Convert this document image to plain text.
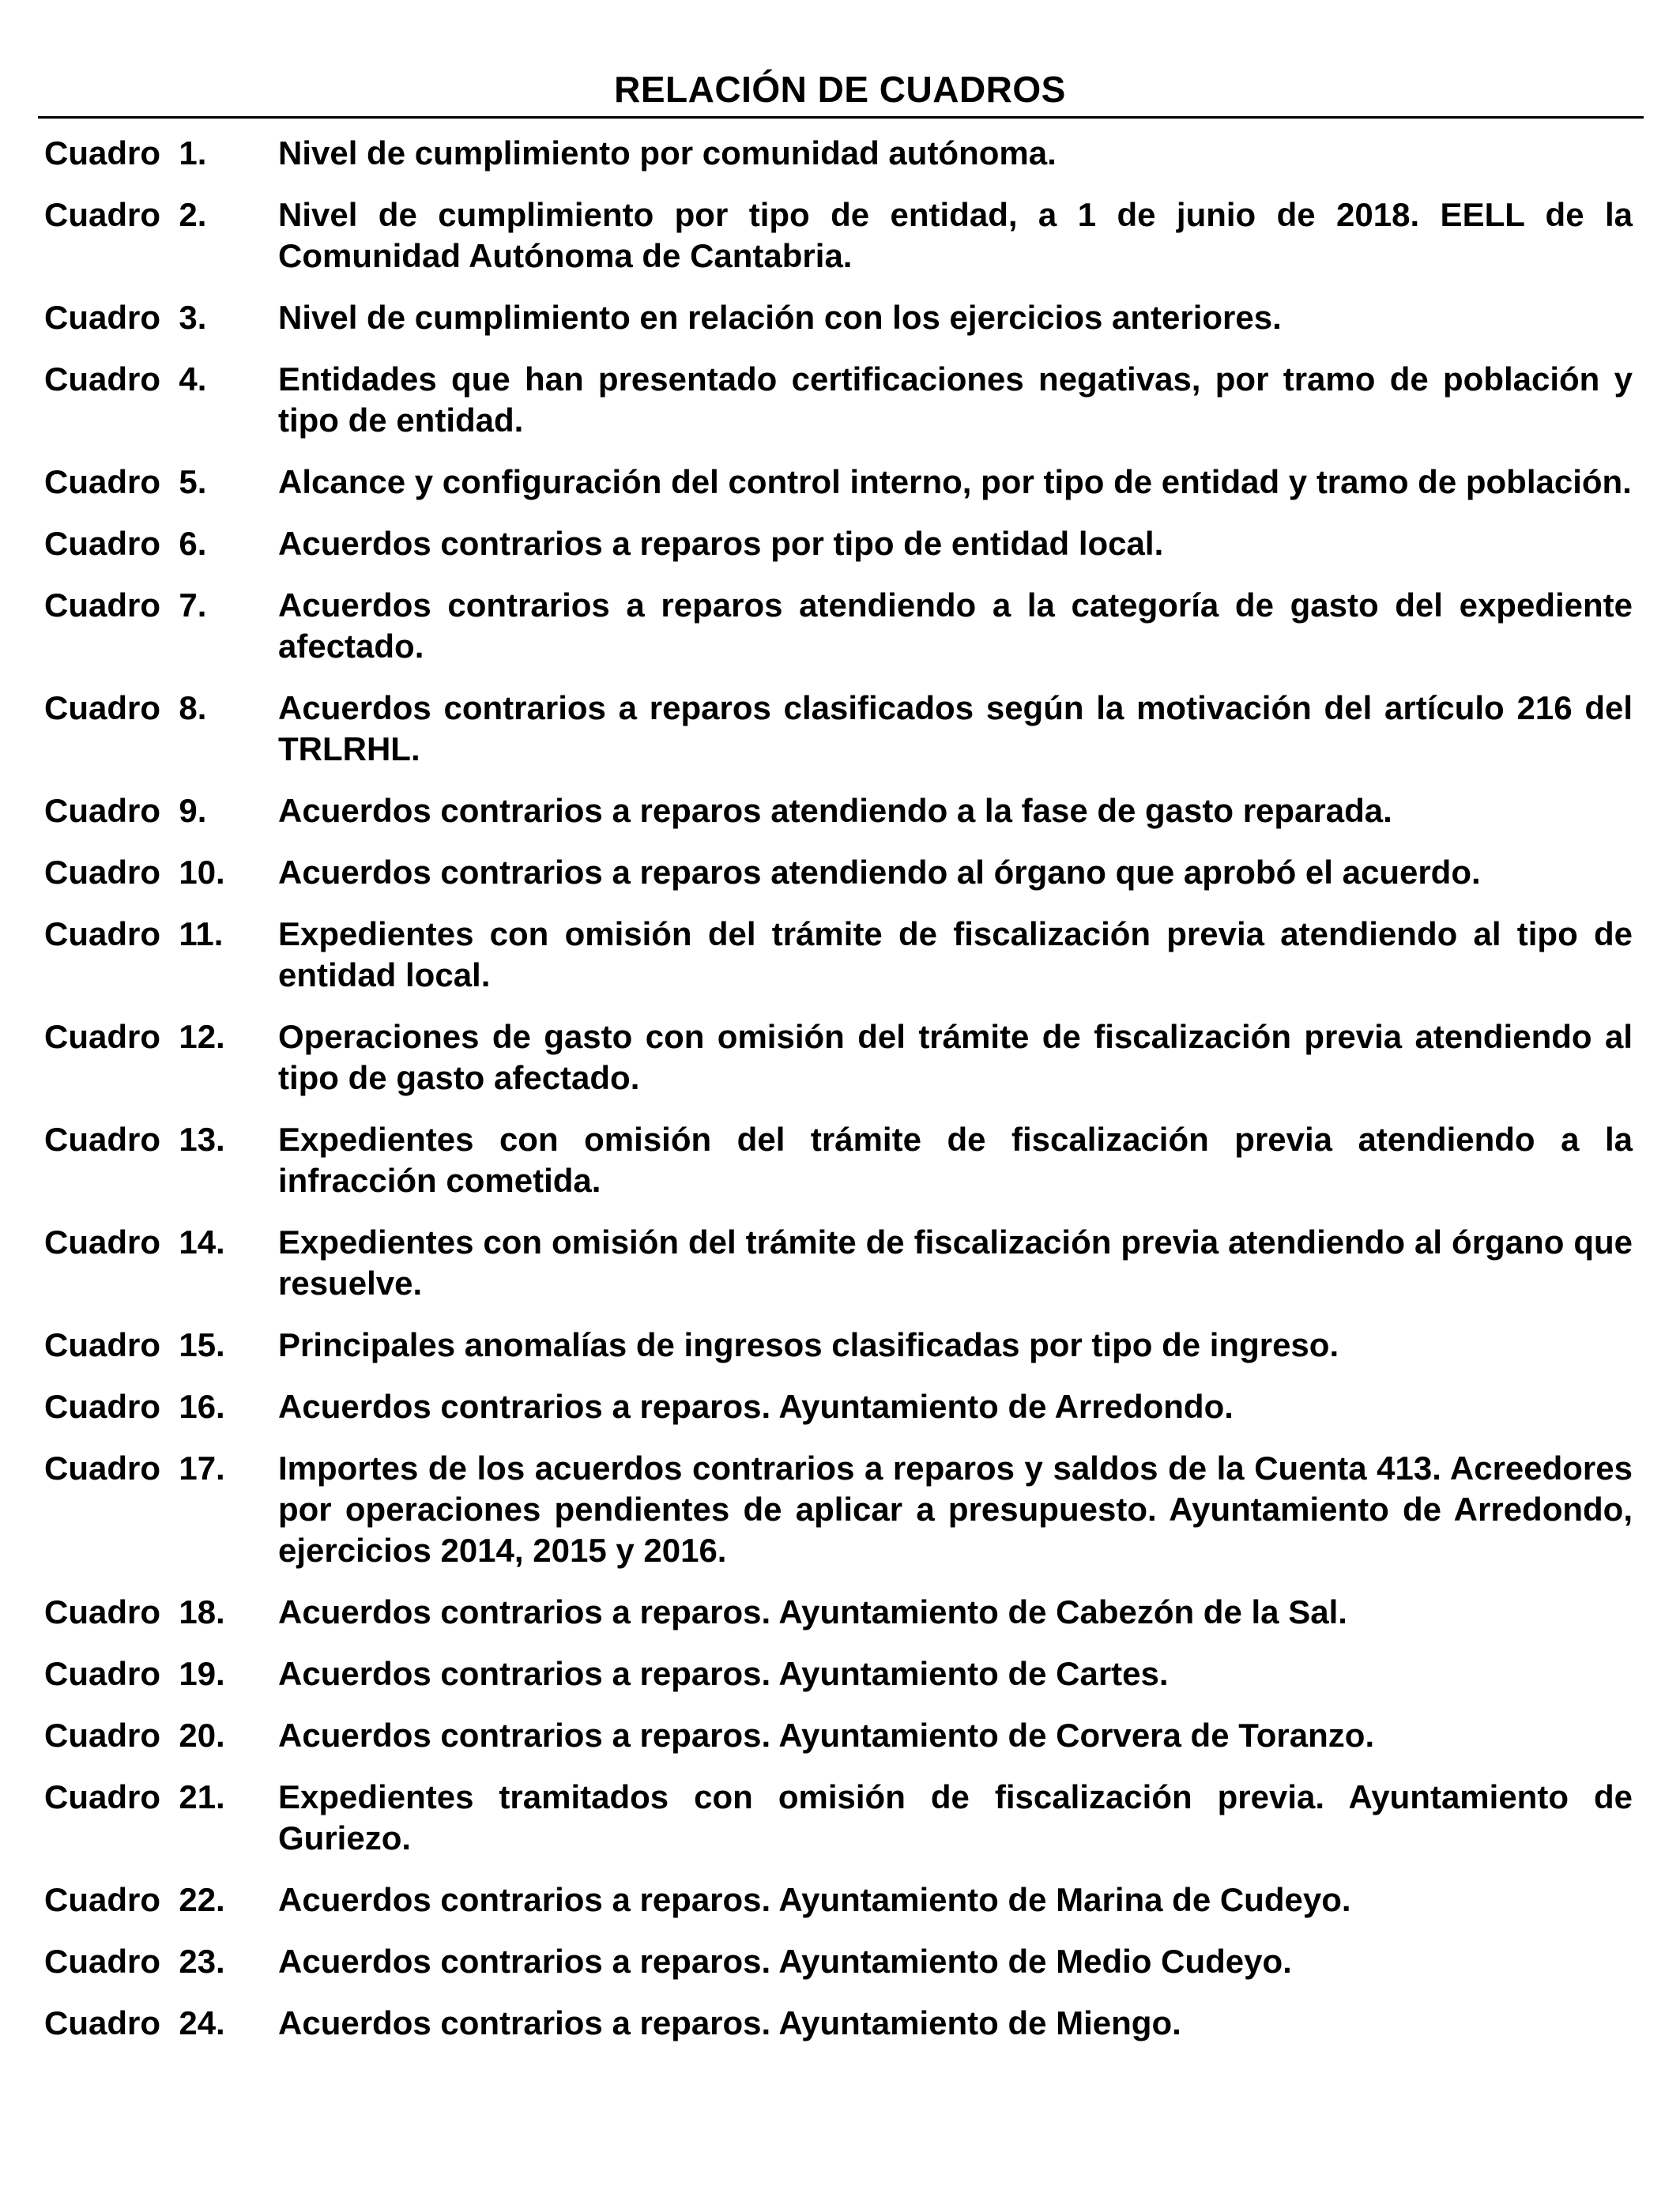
RELACIÓN DE CUADROS
Cuadro  1.	Nivel de cumplimiento por comunidad autónoma.
Cuadro  2.	Nivel de cumplimiento por tipo de entidad, a 1 de junio de 2018. EELL de la Comunidad Autónoma de Cantabria.
Cuadro  3.	Nivel de cumplimiento en relación con los ejercicios anteriores.
Cuadro  4.	Entidades que han presentado certificaciones negativas, por tramo de población y tipo de entidad.
Cuadro  5.	Alcance y configuración del control interno, por tipo de entidad y tramo de población.
Cuadro  6.	Acuerdos contrarios a reparos por tipo de entidad local.
Cuadro  7.	Acuerdos contrarios a reparos atendiendo a la categoría de gasto del expediente afectado.
Cuadro  8.	Acuerdos contrarios a reparos clasificados según la motivación del artículo 216 del TRLRHL.
Cuadro  9.	Acuerdos contrarios a reparos atendiendo a la fase de gasto reparada.
Cuadro  10.	Acuerdos contrarios a reparos atendiendo al órgano que aprobó el acuerdo.
Cuadro  11.	Expedientes con omisión del trámite de fiscalización previa atendiendo al tipo de entidad local.
Cuadro  12.	Operaciones de gasto con omisión del trámite de fiscalización previa atendiendo al tipo de gasto afectado.
Cuadro  13.	Expedientes con omisión del trámite de fiscalización previa atendiendo a la infracción cometida.
Cuadro  14.	Expedientes con omisión del trámite de fiscalización previa atendiendo al órgano que resuelve.
Cuadro  15.	Principales anomalías de ingresos clasificadas por tipo de ingreso.
Cuadro  16.	Acuerdos contrarios a reparos. Ayuntamiento de Arredondo.
Cuadro  17.	Importes de los acuerdos contrarios a reparos y saldos de la Cuenta 413. Acreedores por operaciones pendientes de aplicar a presupuesto. Ayuntamiento de Arredondo, ejercicios 2014, 2015 y 2016.
Cuadro  18.	Acuerdos contrarios a reparos. Ayuntamiento de Cabezón de la Sal.
Cuadro  19.	Acuerdos contrarios a reparos. Ayuntamiento de Cartes.
Cuadro  20.	Acuerdos contrarios a reparos. Ayuntamiento de Corvera de Toranzo.
Cuadro  21.	Expedientes tramitados con omisión de fiscalización previa. Ayuntamiento de Guriezo.
Cuadro  22.	Acuerdos contrarios a reparos. Ayuntamiento de Marina de Cudeyo.
Cuadro  23.	Acuerdos contrarios a reparos. Ayuntamiento de Medio Cudeyo.
Cuadro  24.	Acuerdos contrarios a reparos. Ayuntamiento de Miengo.
